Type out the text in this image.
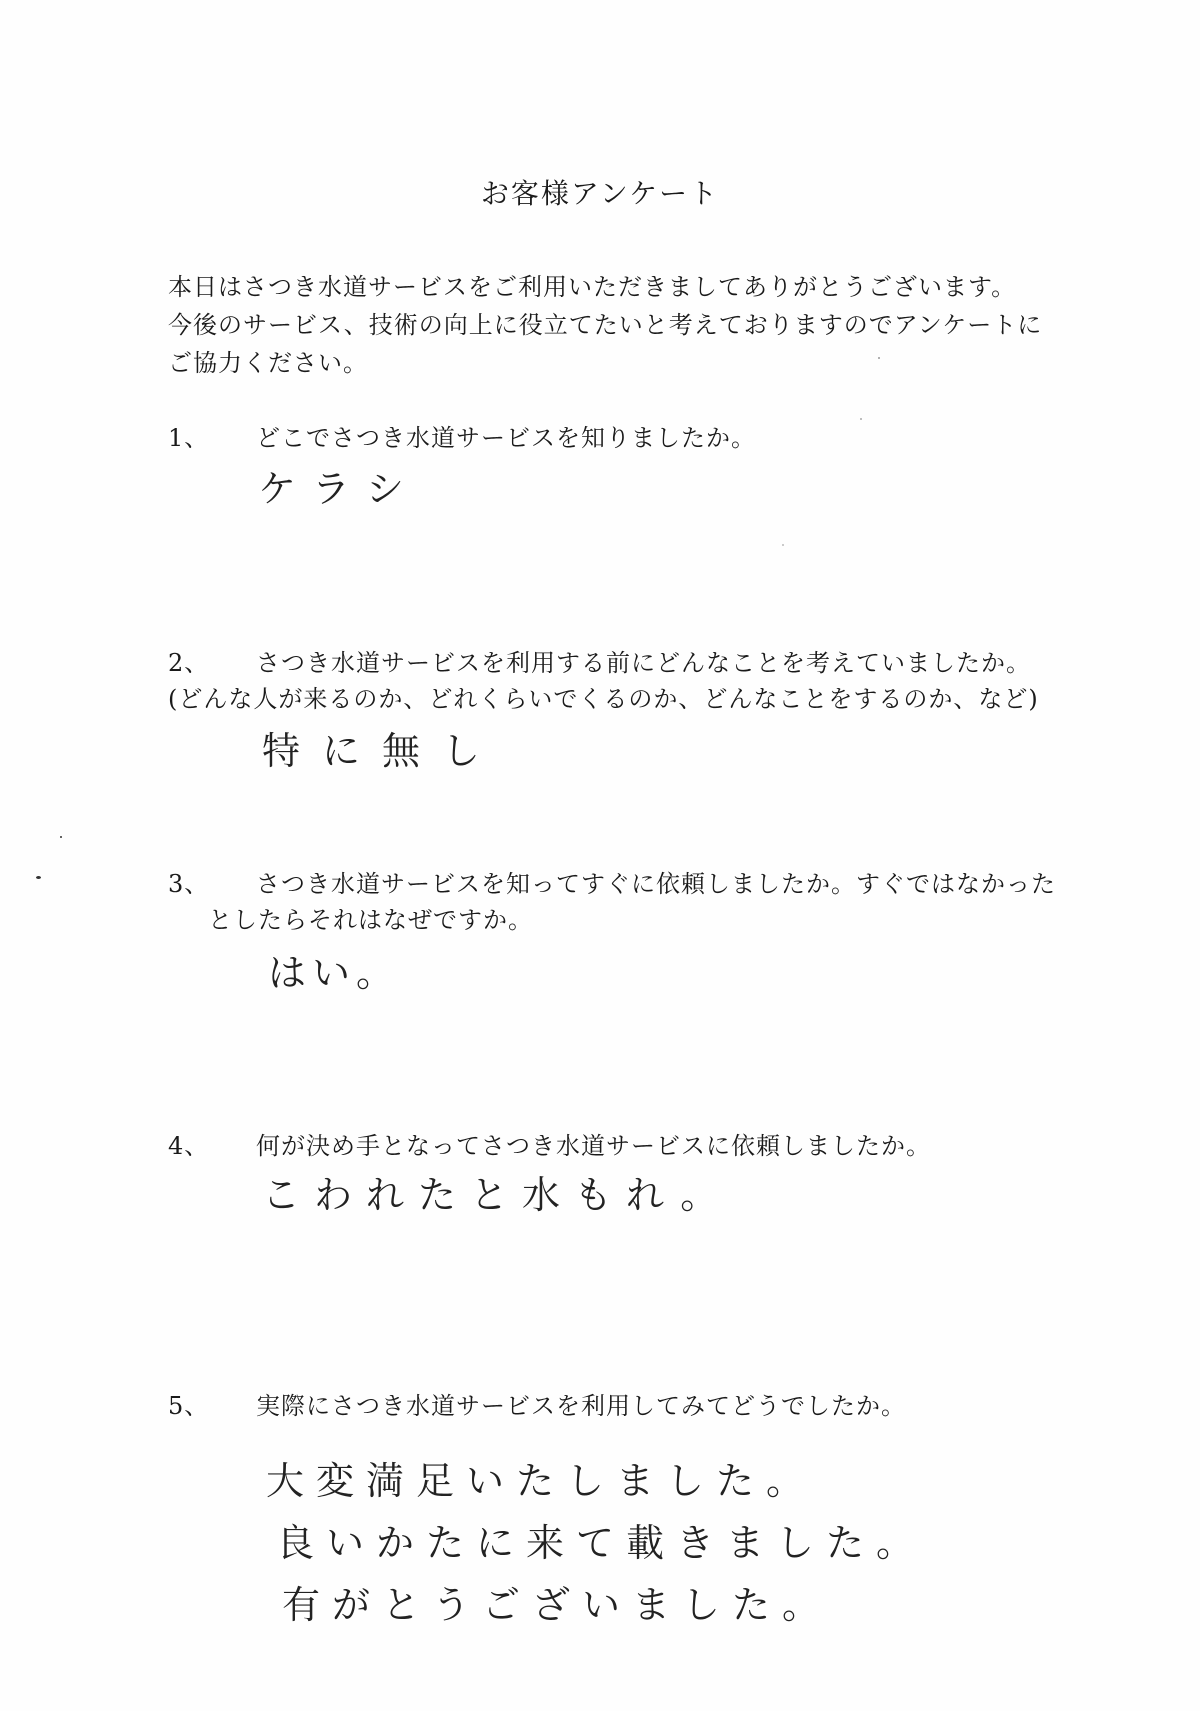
お客様アンケート
本日はさつき水道サービスをご利用いただきましてありがとうございます。
今後のサービス、技術の向上に役立てたいと考えておりますのでアンケートに
ご協力ください。
1、 どこでさつき水道サービスを知りましたか。
ケラシ
2、 さつき水道サービスを利用する前にどんなことを考えていましたか。
(どんな人が来るのか、どれくらいでくるのか、どんなことをするのか、など)
特に無し
3、 さつき水道サービスを知ってすぐに依頼しましたか。すぐではなかった
としたらそれはなぜですか。
はい。
4、 何が決め手となってさつき水道サービスに依頼しましたか。
こわれたと水もれ。
5、 実際にさつき水道サービスを利用してみてどうでしたか。
大変満足いたしました。
良いかたに来て載きました。
有がとうございました。
